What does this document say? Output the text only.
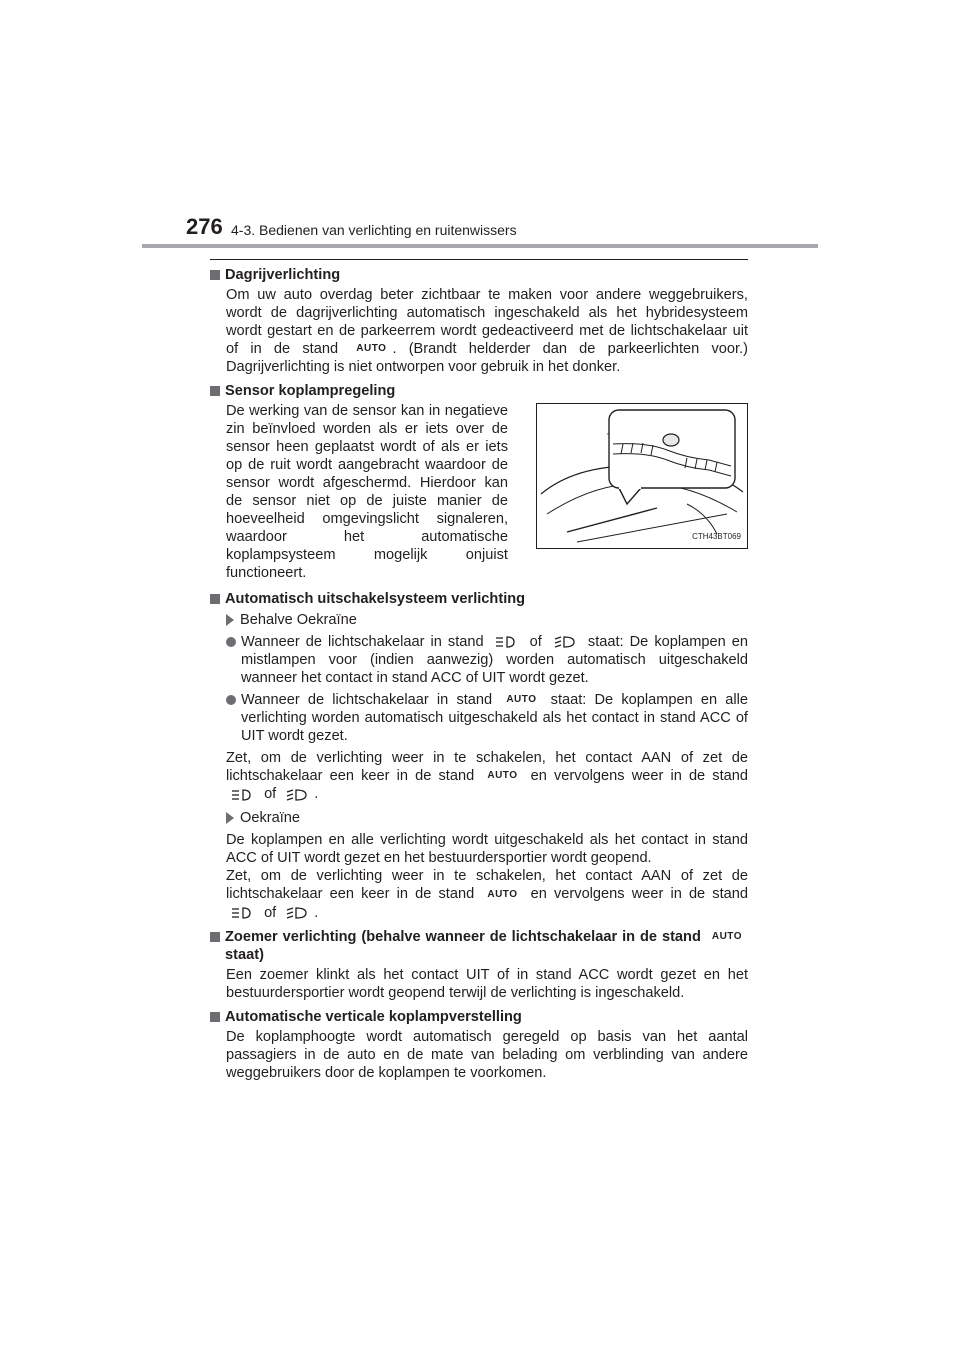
276 4-3. Bedienen van verlichting en ruitenwissers
Dagrijverlichting
Om uw auto overdag beter zichtbaar te maken voor andere weggebruikers, wordt de dagrijverlichting automatisch ingeschakeld als het hybridesysteem wordt gestart en de parkeerrem wordt gedeactiveerd met de lichtschakelaar uit of in de stand AUTO . (Brandt helderder dan de parkeerlichten voor.) Dagrijverlichting is niet ontworpen voor gebruik in het donker.
Sensor koplampregeling
De werking van de sensor kan in negatieve zin beïnvloed worden als er iets over de sensor heen geplaatst wordt of als er iets op de ruit wordt aangebracht waardoor de sensor wordt afgeschermd. Hierdoor kan de sensor niet op de juiste manier de hoeveelheid omgevingslicht signaleren, waardoor het automatische koplampsysteem mogelijk onjuist functioneert.
CTH43BT069
Automatisch uitschakelsysteem verlichting
Behalve Oekraïne
Wanneer de lichtschakelaar in stand	of	staat: De koplampen en mistlampen voor (indien aanwezig) worden automatisch uitgeschakeld wanneer het contact in stand ACC of UIT wordt gezet.
Wanneer de lichtschakelaar in stand AUTO staat: De koplampen en alle verlichting worden automatisch uitgeschakeld als het contact in stand ACC of UIT wordt gezet.
Zet, om de verlichting weer in te schakelen, het contact AAN of zet de lichtschakelaar een keer in de stand AUTO en vervolgens weer in de stand  of	.
Oekraïne
De koplampen en alle verlichting wordt uitgeschakeld als het contact in stand ACC of UIT wordt gezet en het bestuurdersportier wordt geopend.
Zet, om de verlichting weer in te schakelen, het contact AAN of zet de lichtschakelaar een keer in de stand AUTO en vervolgens weer in de stand  of	.
Zoemer verlichting (behalve wanneer de lichtschakelaar in de stand AUTO staat)
Een zoemer klinkt als het contact UIT of in stand ACC wordt gezet en het bestuurdersportier wordt geopend terwijl de verlichting is ingeschakeld.
Automatische verticale koplampverstelling
De koplamphoogte wordt automatisch geregeld op basis van het aantal passagiers in de auto en de mate van belading om verblinding van andere weggebruikers door de koplampen te voorkomen.
